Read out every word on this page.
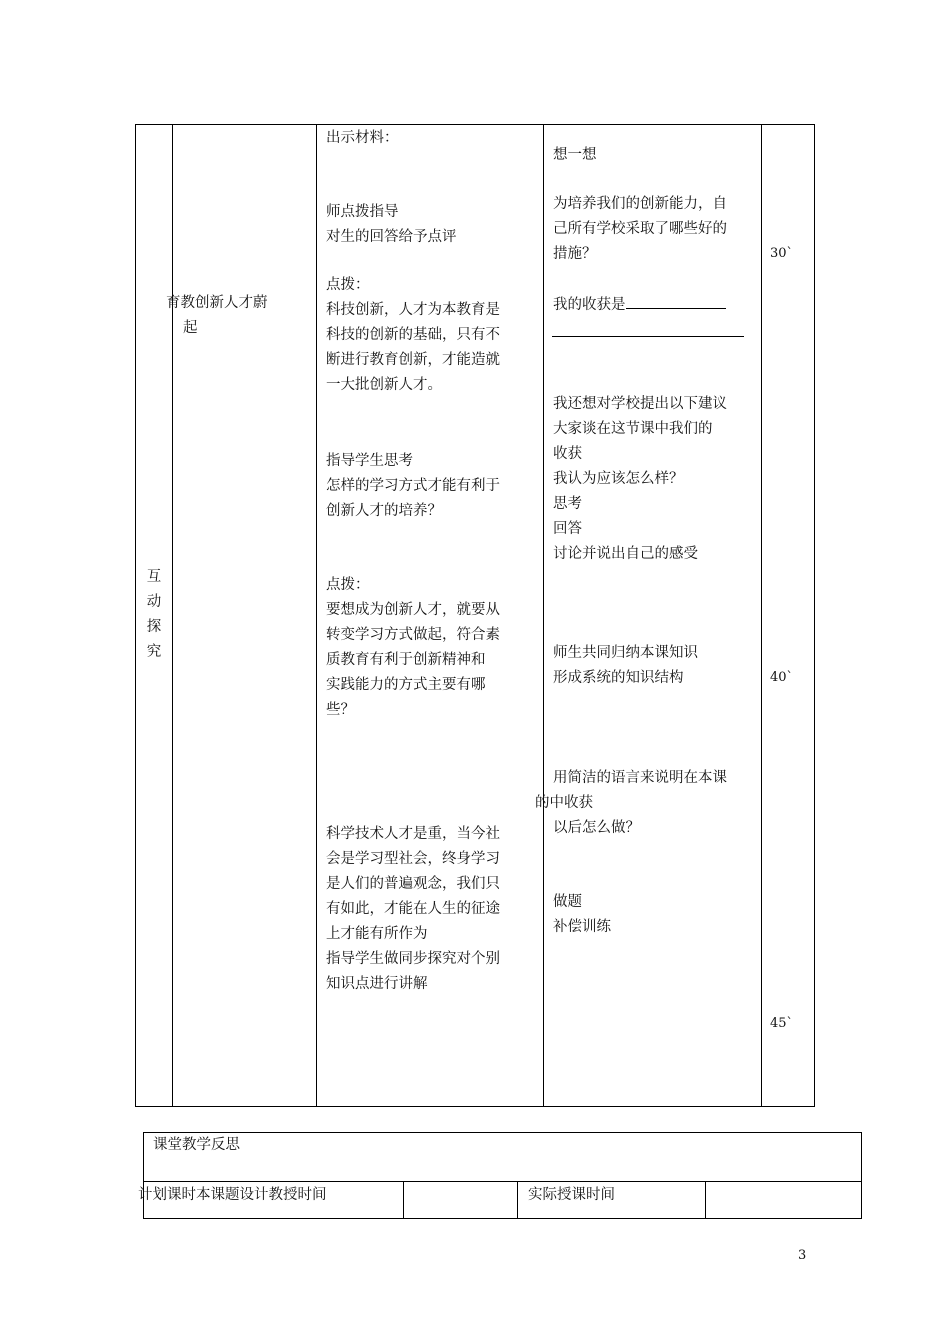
互
动
探
究
育教创新人才蔚
起
出示材料：
师点拨指导
对生的回答给予点评
点拨：
科技创新，人才为本教育是
科技的创新的基础，只有不
断进行教育创新，才能造就
一大批创新人才。
指导学生思考
怎样的学习方式才能有利于
创新人才的培养？
点拨：
要想成为创新人才，就要从
转变学习方式做起，符合素
质教育有利于创新精神和
实践能力的方式主要有哪
些？
科学技术人才是重，当今社
会是学习型社会，终身学习
是人们的普遍观念，我们只
有如此，才能在人生的征途
上才能有所作为
指导学生做同步探究对个别
知识点进行讲解
想一想
为培养我们的创新能力，自
己所有学校采取了哪些好的
措施？
我的收获是
我还想对学校提出以下建议
大家谈在这节课中我们的
收获
我认为应该怎么样？
思考
回答
讨论并说出自己的感受
师生共同归纳本课知识
形成系统的知识结构
用简洁的语言来说明在本课
的中收获
以后怎么做？
做题
补偿训练
30`
40`
45`
课堂教学反思
计划课时本课题设计教授时间	实际授课时间
3
